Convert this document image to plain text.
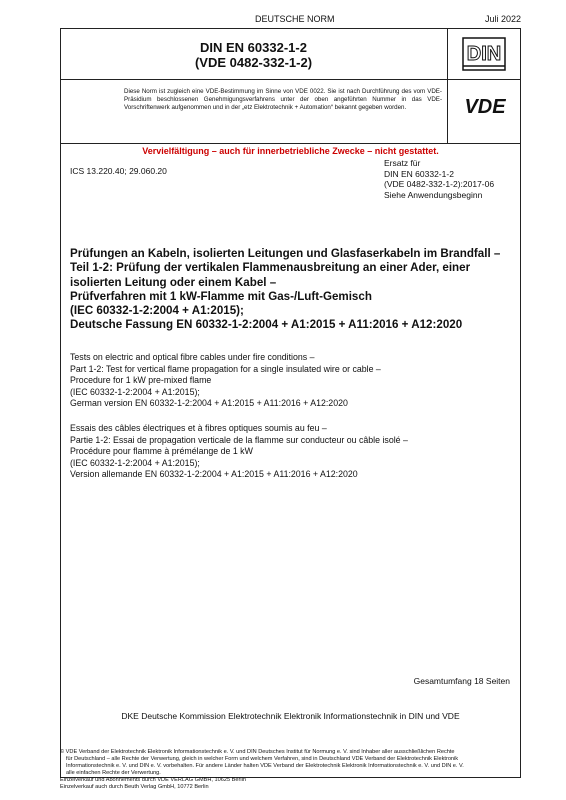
DEUTSCHE NORM	Juli 2022
DIN EN 60332-1-2
(VDE 0482-332-1-2)	DIN
Diese Norm ist zugleich eine VDE-Bestimmung im Sinne von VDE 0022. Sie ist nach Durchführung des vom VDE-Präsidium beschlossenen Genehmigungsverfahrens unter der oben angeführten Nummer in das VDE-Vorschriftenwerk aufgenommen und in der „etz Elektrotechnik + Automation“ bekannt gegeben worden.	VDE
Vervielfältigung – auch für innerbetriebliche Zwecke – nicht gestattet.
ICS 13.220.40; 29.060.20
Ersatz für
DIN EN 60332-1-2
(VDE 0482-332-1-2):2017-06
Siehe Anwendungsbeginn
Prüfungen an Kabeln, isolierten Leitungen und Glasfaserkabeln im Brandfall –
Teil 1-2: Prüfung der vertikalen Flammenausbreitung an einer Ader, einer isolierten Leitung oder einem Kabel –
Prüfverfahren mit 1 kW-Flamme mit Gas-/Luft-Gemisch
(IEC 60332-1-2:2004 + A1:2015);
Deutsche Fassung EN 60332-1-2:2004 + A1:2015 + A11:2016 + A12:2020
Tests on electric and optical fibre cables under fire conditions –
Part 1-2: Test for vertical flame propagation for a single insulated wire or cable –
Procedure for 1 kW pre-mixed flame
(IEC 60332-1-2:2004 + A1:2015);
German version EN 60332-1-2:2004 + A1:2015 + A11:2016 + A12:2020
Essais des câbles électriques et à fibres optiques soumis au feu –
Partie 1-2: Essai de propagation verticale de la flamme sur conducteur ou câble isolé –
Procédure pour flamme à prémélange de 1 kW
(IEC 60332-1-2:2004 + A1:2015);
Version allemande EN 60332-1-2:2004 + A1:2015 + A11:2016 + A12:2020
Gesamtumfang 18 Seiten
DKE Deutsche Kommission Elektrotechnik Elektronik Informationstechnik in DIN und VDE
© VDE Verband der Elektrotechnik Elektronik Informationstechnik e. V. und DIN Deutsches Institut für Normung e. V. sind Inhaber aller ausschließlichen Rechte
für Deutschland – alle Rechte der Verwertung, gleich in welcher Form und welchem Verfahren, sind in Deutschland VDE Verband der Elektrotechnik Elektronik
Informationstechnik e. V. und DIN e. V. vorbehalten. Für andere Länder halten VDE Verband der Elektrotechnik Elektronik Informationstechnik e. V. und DIN e. V.
alle einfachen Rechte der Verwertung.
Einzelverkauf und Abonnements durch VDE VERLAG GMBH, 10625 Berlin
Einzelverkauf auch durch Beuth Verlag GmbH, 10772 Berlin
